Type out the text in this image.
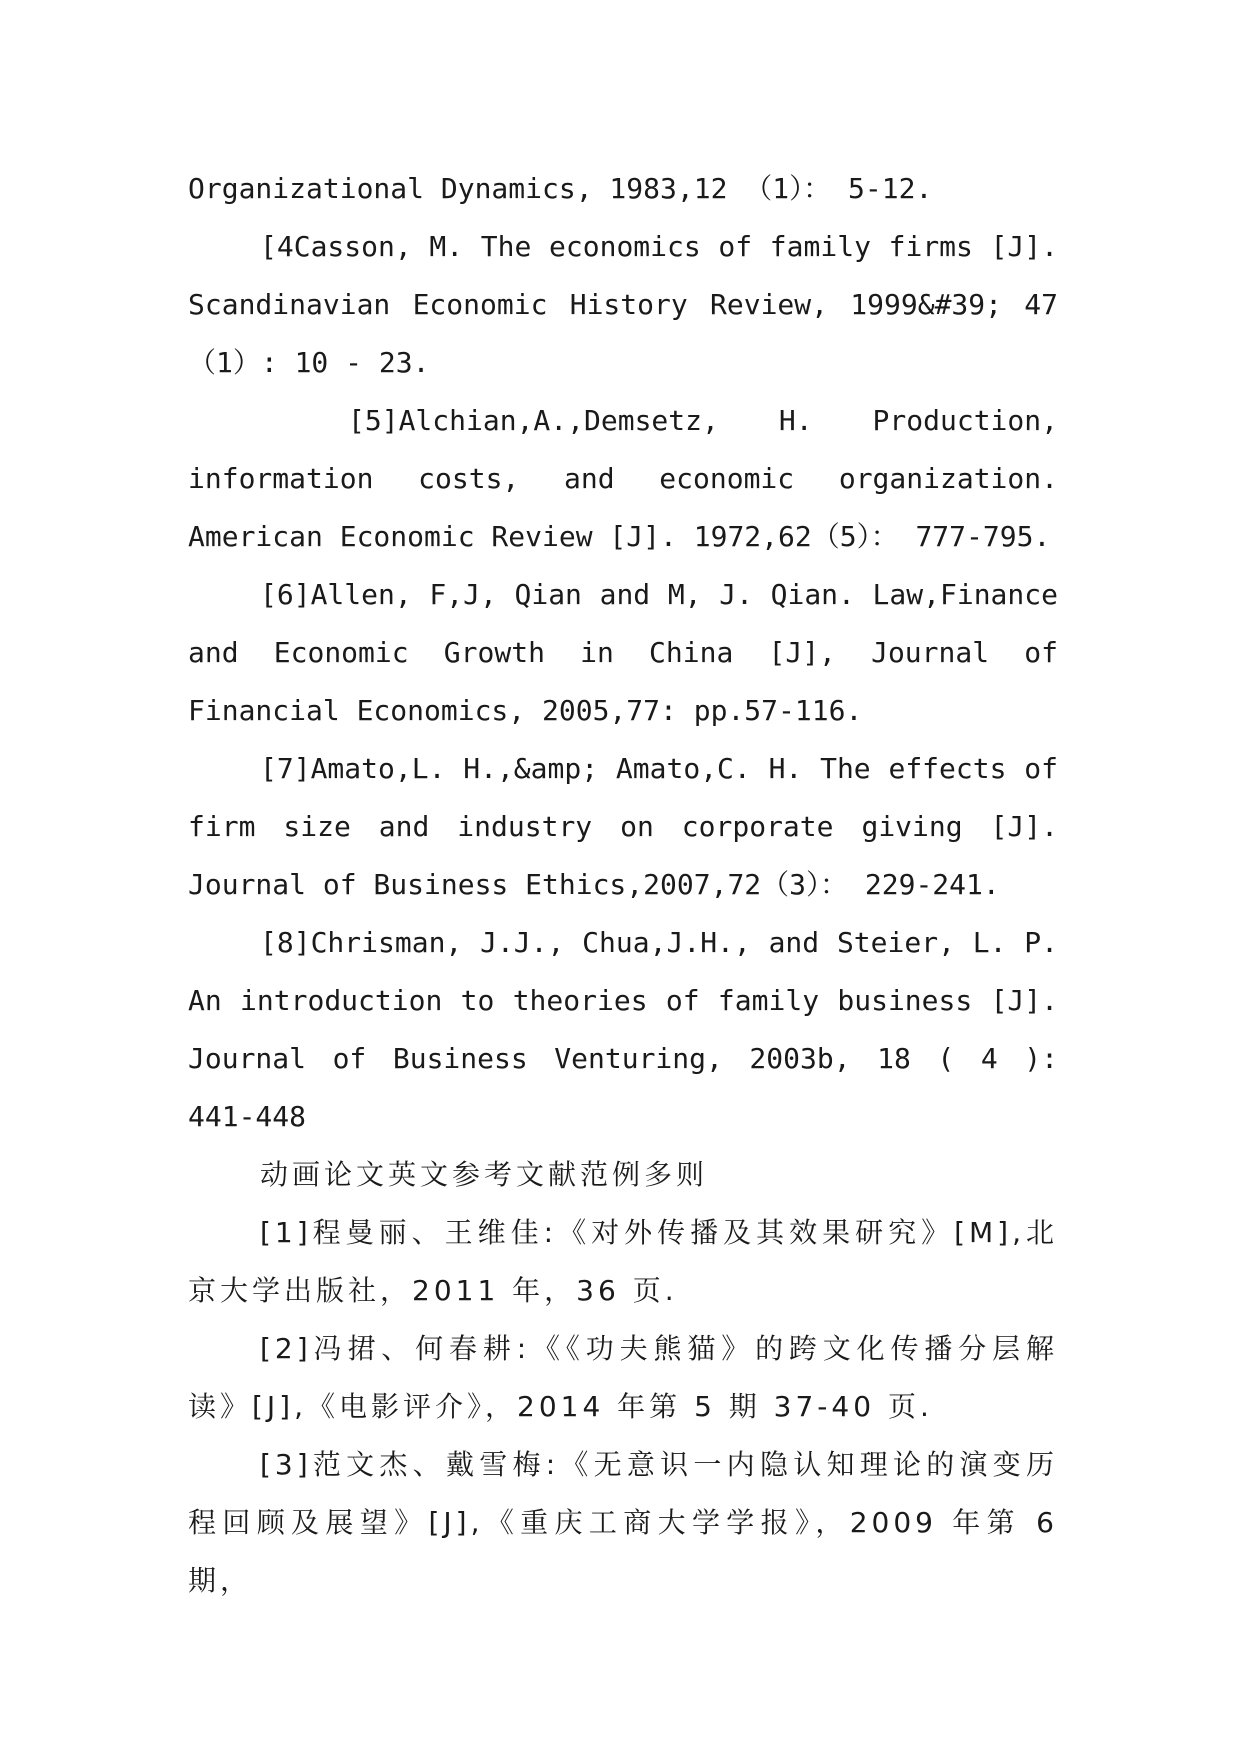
Organizational Dynamics, 1983,12 （1）： 5-12.

[4Casson, M. The economics of family firms [J]. Scandinavian Economic History Review, 1999&#39; 47 （1）: 10 - 23.

[5]Alchian,A.,Demsetz, H. Production, information costs, and economic organization. American Economic Review [J]. 1972,62（5）： 777-795.

[6]Allen, F,J, Qian and M, J. Qian. Law,Finance and Economic Growth in China [J], Journal of Financial Economics, 2005,77: pp.57-116.

[7]Amato,L. H.,&amp; Amato,C. H. The effects of firm size and industry on corporate giving [J]. Journal of Business Ethics,2007,72（3）： 229-241.

[8]Chrisman, J.J., Chua,J.H., and Steier, L. P. An introduction to theories of family business [J]. Journal of Business Venturing, 2003b, 18 ( 4 ): 441-448

动画论文英文参考文献范例多则

[1]程曼丽、王维佳:《对外传播及其效果研究》[M],北京大学出版社，2011 年，36 页.

[2]冯捃、何春耕:《《功夫熊猫》的跨文化传播分层解读》[J],《电影评介》，2014 年第 5 期 37-40 页.

[3]范文杰、戴雪梅:《无意识一内隐认知理论的演变历程回顾及展望》[J],《重庆工商大学学报》，2009 年第 6 期，
